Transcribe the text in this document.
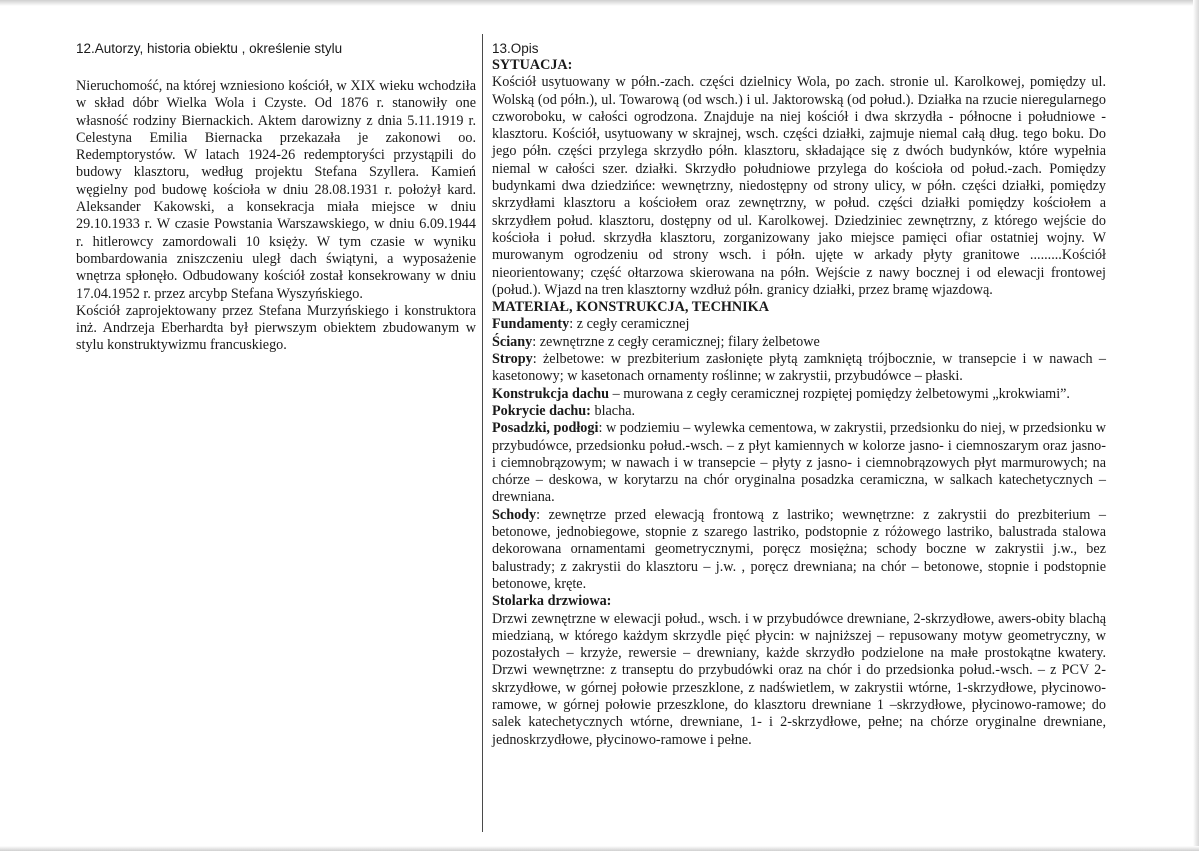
12.Autorzy, historia obiektu , określenie stylu

Nieruchomość, na której wzniesiono kościół, w XIX wieku wchodziła w skład dóbr Wielka Wola i Czyste. Od 1876 r. stanowiły one własność rodziny Biernackich. Aktem darowizny z dnia 5.11.1919 r. Celestyna Emilia Biernacka przekazała je zakonowi oo. Redemptorystów. W latach 1924-26 redemptoryści przystąpili do budowy klasztoru, według projektu Stefana Szyllera. Kamień węgielny pod budowę kościoła w dniu 28.08.1931 r. położył kard. Aleksander Kakowski, a konsekracja miała miejsce w dniu 29.10.1933 r. W czasie Powstania Warszawskiego, w dniu 6.09.1944 r. hitlerowcy zamordowali 10 księży. W tym czasie w wyniku bombardowania zniszczeniu uległ dach świątyni, a wyposażenie wnętrza spłonęło. Odbudowany kościół został konsekrowany w dniu 17.04.1952 r. przez arcybp Stefana Wyszyńskiego.

Kościół zaprojektowany przez Stefana Murzyńskiego i konstruktora inż. Andrzeja Eberhardta był pierwszym obiektem zbudowanym w stylu konstruktywizmu francuskiego.

13.Opis

SYTUACJA:

Kościół usytuowany w półn.-zach. części dzielnicy Wola, po zach. stronie ul. Karolkowej, pomiędzy ul. Wolską (od półn.), ul. Towarową (od wsch.) i ul. Jaktorowską (od połud.). Działka na rzucie nieregularnego czworoboku, w całości ogrodzona. Znajduje na niej kościół i dwa skrzydła - północne i południowe - klasztoru. Kościół, usytuowany w skrajnej, wsch. części działki, zajmuje niemal całą dług. tego boku. Do jego półn. części przylega skrzydło półn. klasztoru, składające się z dwóch budynków, które wypełnia niemal w całości szer. działki. Skrzydło południowe przylega do kościoła od połud.-zach. Pomiędzy budynkami dwa dziedzińce: wewnętrzny, niedostępny od strony ulicy, w półn. części działki, pomiędzy skrzydłami klasztoru a kościołem oraz zewnętrzny, w połud. części działki pomiędzy kościołem a skrzydłem połud. klasztoru, dostępny od ul. Karolkowej. Dziedziniec zewnętrzny, z którego wejście do kościoła i połud. skrzydła klasztoru, zorganizowany jako miejsce pamięci ofiar ostatniej wojny. W murowanym ogrodzeniu od strony wsch. i półn. ujęte w arkady płyty granitowe .........Kościół nieorientowany; część ołtarzowa skierowana na półn. Wejście z nawy bocznej i od elewacji frontowej (połud.). Wjazd na tren klasztorny wzdłuż półn. granicy działki, przez bramę wjazdową.

MATERIAŁ, KONSTRUKCJA, TECHNIKA

Fundamenty: z cegły ceramicznej

Ściany: zewnętrzne z cegły ceramicznej; filary żelbetowe

Stropy: żelbetowe: w prezbiterium zasłonięte płytą zamkniętą trójbocznie, w transepcie i w nawach – kasetonowy; w kasetonach ornamenty roślinne; w zakrystii, przybudówce – płaski.

Konstrukcja dachu – murowana z cegły ceramicznej rozpiętej pomiędzy żelbetowymi „krokwiami”.

Pokrycie dachu: blacha.

Posadzki, podłogi: w podziemiu – wylewka cementowa, w zakrystii, przedsionku do niej, w przedsionku w przybudówce, przedsionku połud.-wsch. – z płyt kamiennych w kolorze jasno- i ciemnoszarym oraz jasno- i ciemnobrązowym; w nawach i w transepcie – płyty z jasno- i ciemnobrązowych płyt marmurowych; na chórze – deskowa, w korytarzu na chór oryginalna posadzka ceramiczna, w salkach katechetycznych – drewniana.

Schody: zewnętrze przed elewacją frontową z lastriko; wewnętrzne: z zakrystii do prezbiterium – betonowe, jednobiegowe, stopnie z szarego lastriko, podstopnie z różowego lastriko, balustrada stalowa dekorowana ornamentami geometrycznymi, poręcz mosiężna; schody boczne w zakrystii j.w., bez balustrady; z zakrystii do klasztoru – j.w. , poręcz drewniana; na chór – betonowe, stopnie i podstopnie betonowe, kręte.

Stolarka drzwiowa:

Drzwi zewnętrzne w elewacji połud., wsch. i w przybudówce drewniane, 2-skrzydłowe, awers-obity blachą miedzianą, w którego każdym skrzydle pięć płycin: w najniższej – repusowany motyw geometryczny, w pozostałych – krzyże, rewersie – drewniany, każde skrzydło podzielone na małe prostokątne kwatery. Drzwi wewnętrzne: z transeptu do przybudówki oraz na chór i do przedsionka połud.-wsch. – z PCV 2-skrzydłowe, w górnej połowie przeszklone, z nadświetlem, w zakrystii wtórne, 1-skrzydłowe, płycinowo-ramowe, w górnej połowie przeszklone, do klasztoru drewniane 1 –skrzydłowe, płycinowo-ramowe; do salek katechetycznych wtórne, drewniane, 1- i 2-skrzydłowe, pełne; na chórze oryginalne drewniane, jednoskrzydłowe, płycinowo-ramowe i pełne.
